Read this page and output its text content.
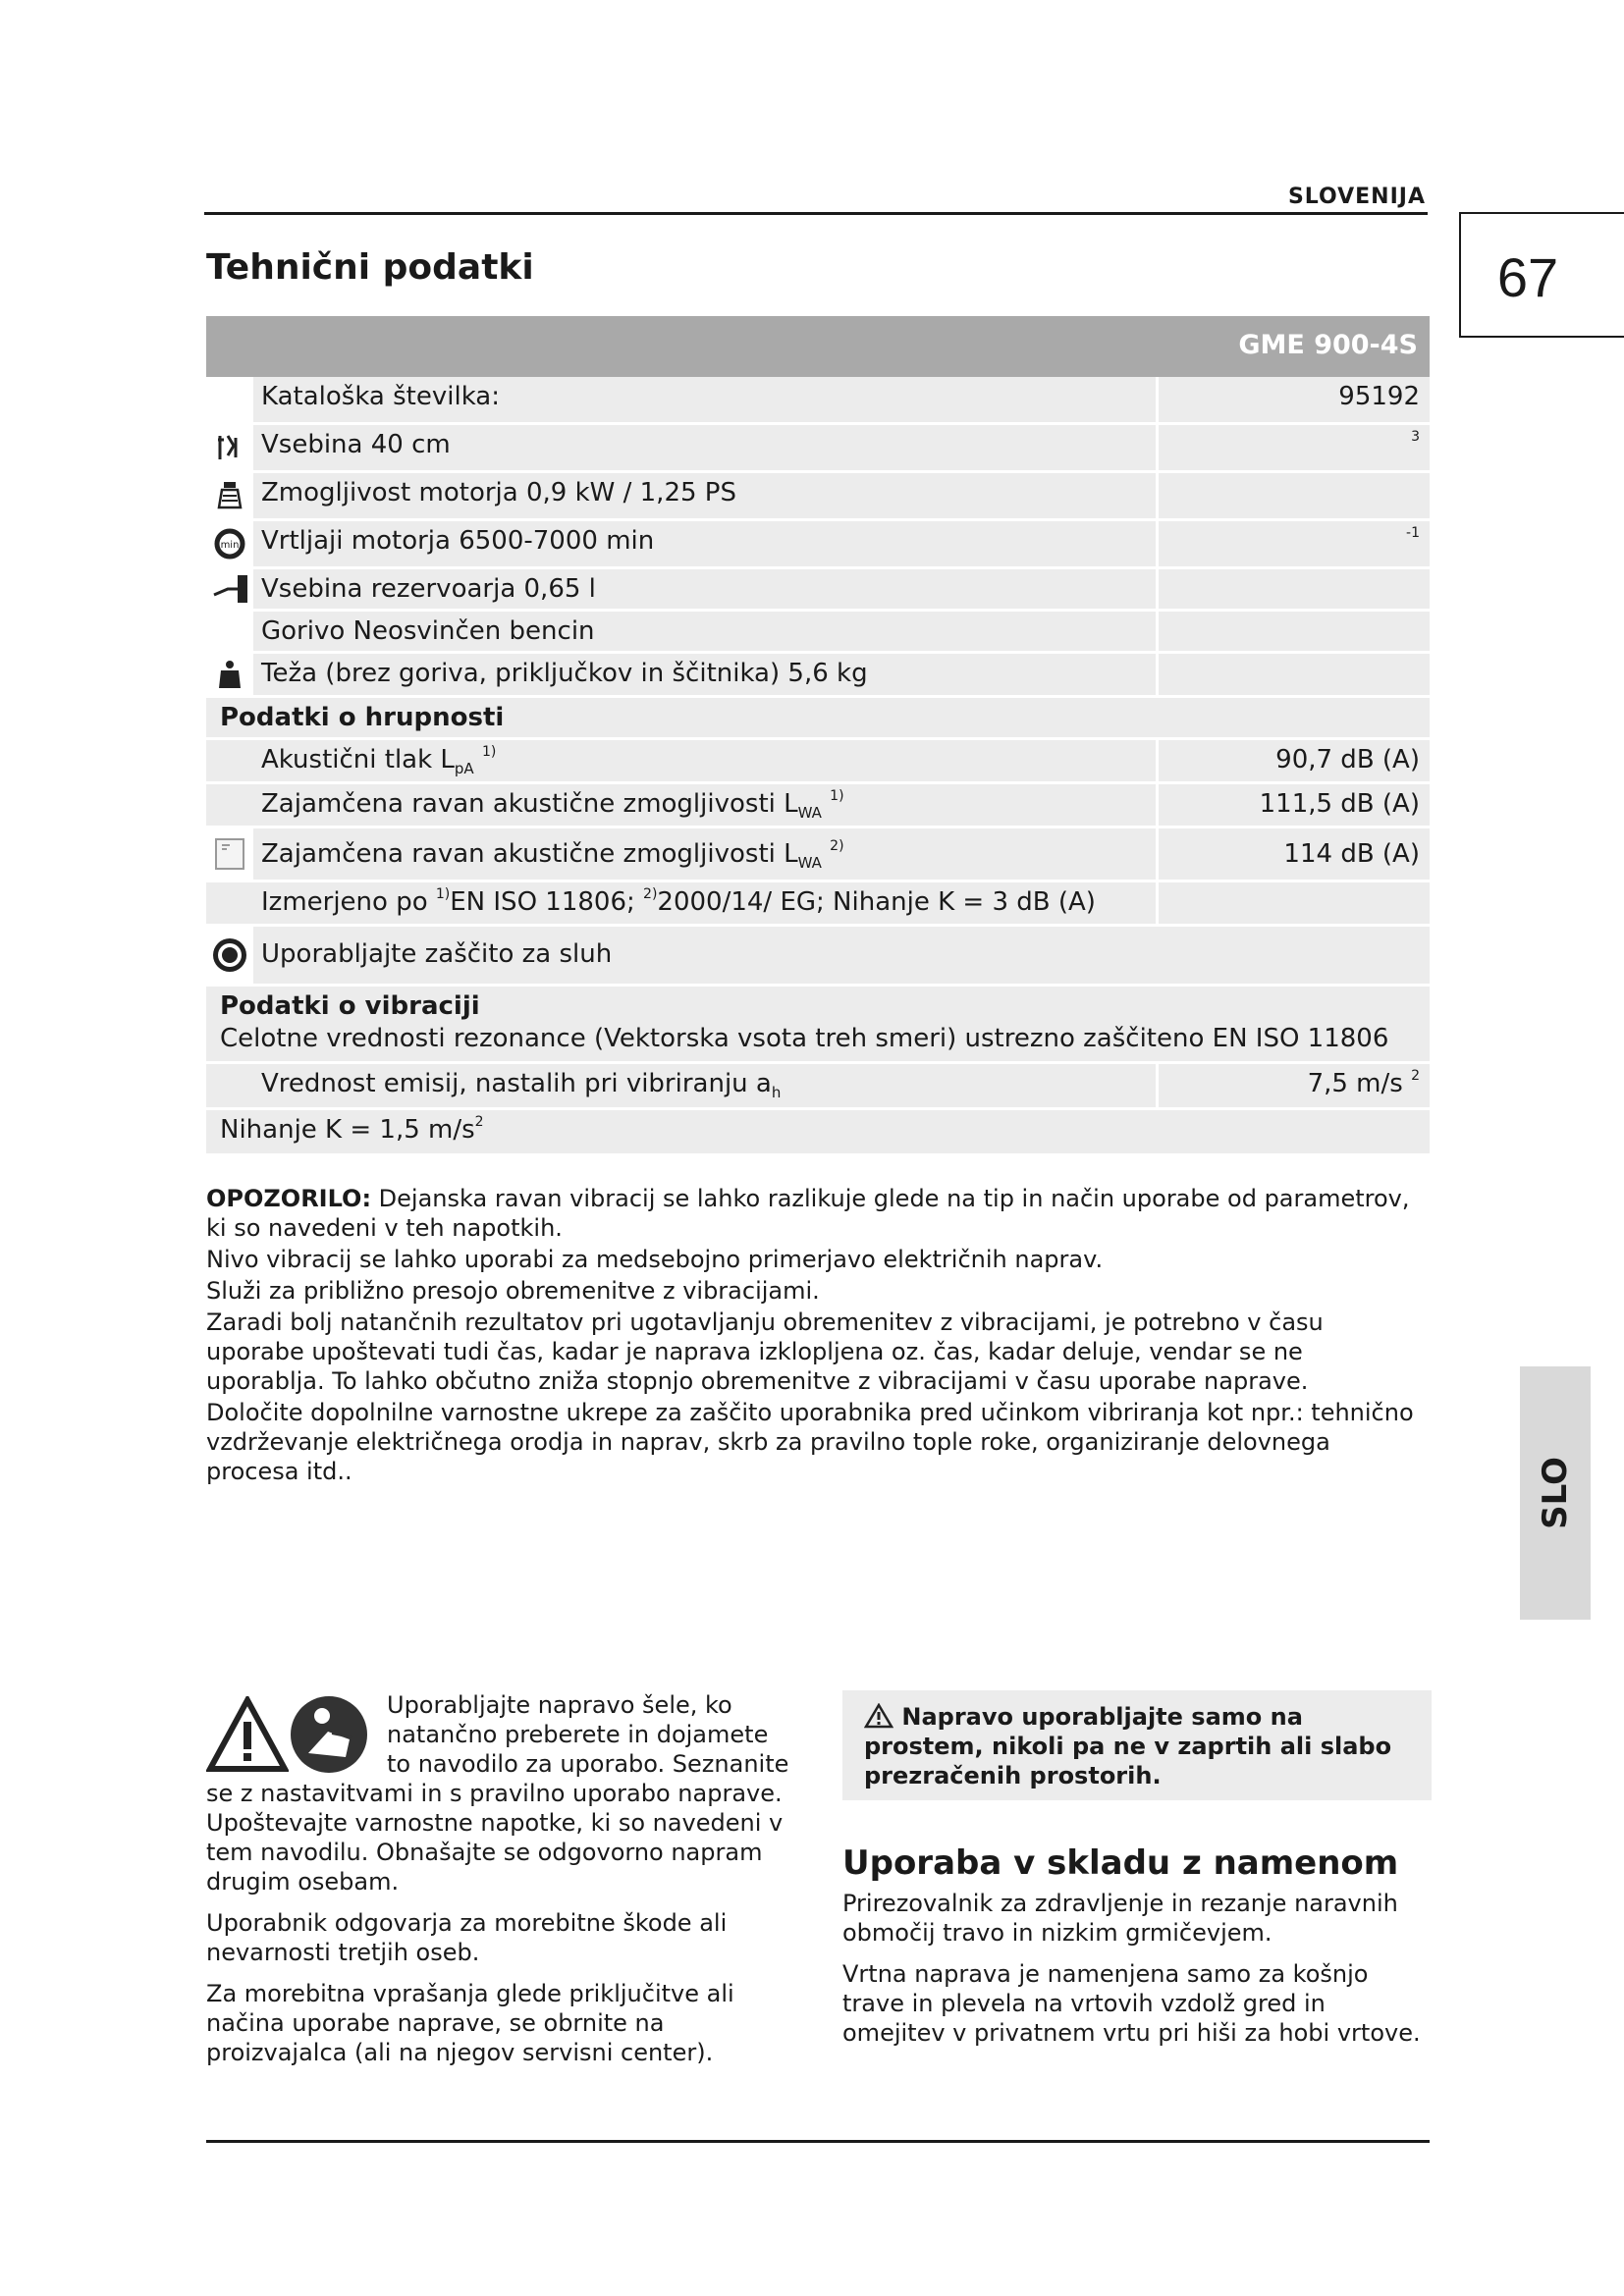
SLOVENIJA
67
Tehnični podatki
GME 900-4S
Kataloška številka:	95192
Vsebina 40 cm	$^3$
Zmogljivost motorja 0,9 kW / 1,25 PS
min Vrtljaji motorja 6500-7000 min	$^{-1}$
Vsebina rezervoarja 0,65 l
Gorivo Neosvinčen bencin
Teža (brez goriva, priključkov in ščitnika) 5,6 kg
Podatki o hrupnosti
Akustični tlak $L_{pA}$ $^{1)}$	90,7 dB (A)
Zajamčena ravan akustične zmogljivosti $L_{WA}$ $^{1)}$	111,5 dB (A)
Zajamčena ravan akustične zmogljivosti $L_{WA}$ $^{2)}$	114 dB (A)
Izmerjeno po $^{1)}$EN ISO 11806; $^{2)}$2000/14/ EG; Nihanje K = 3 dB (A)
Uporabljajte zaščito za sluh
Podatki o vibraciji
Celotne vrednosti rezonance (Vektorska vsota treh smeri) ustrezno zaščiteno EN ISO 11806
Vrednost emisij, nastalih pri vibriranju $a_h$	7,5 m/s $^2$
Nihanje K = 1,5 $m/s^2$

OPOZORILO: Dejanska ravan vibracij se lahko razlikuje glede na tip in način uporabe od parametrov, ki so navedeni v teh napotkih.

Nivo vibracij se lahko uporabi za medsebojno primerjavo električnih naprav.

Služi za približno presojo obremenitve z vibracijami.

Zaradi bolj natančnih rezultatov pri ugotavljanju obremenitev z vibracijami, je potrebno v času uporabe upoštevati tudi čas, kadar je naprava izklopljena oz. čas, kadar deluje, vendar se ne uporablja. To lahko občutno zniža stopnjo obremenitve z vibracijami v času uporabe naprave.

Določite dopolnilne varnostne ukrepe za zaščito uporabnika pred učinkom vibriranja kot npr.: tehnično vzdrževanje električnega orodja in naprav, skrb za pravilno tople roke, organiziranje delovnega procesa itd..	SLO

Uporabljajte napravo šele, ko natančno preberete in dojamete to navodilo za uporabo. Seznanite se z nastavitvami in s pravilno uporabo naprave. Upoštevajte varnostne napotke, ki so navedeni v tem navodilu. Obnašajte se odgovorno napram drugim osebam.

Uporabnik odgovarja za morebitne škode ali nevarnosti tretjih oseb.

Za morebitna vprašanja glede priključitve ali načina uporabe naprave, se obrnite na proizvajalca (ali na njegov servisni center).

Napravo uporabljajte samo na prostem, nikoli pa ne v zaprtih ali slabo prezračenih prostorih.
Uporaba v skladu z namenom

Prirezovalnik za zdravljenje in rezanje naravnih območij travo in nizkim grmičevjem.

Vrtna naprava je namenjena samo za košnjo trave in plevela na vrtovih vzdolž gred in omejitev v privatnem vrtu pri hiši za hobi vrtove.
